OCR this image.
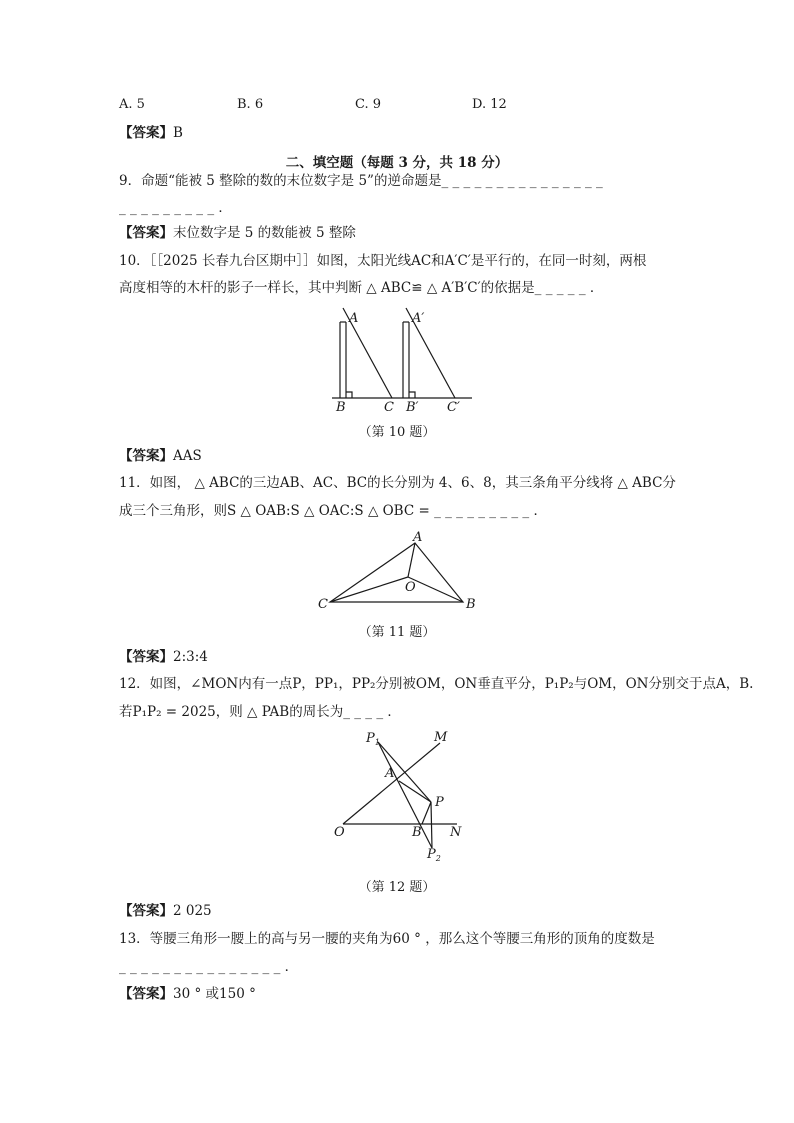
A. 5	B. 6	C. 9	D. 12
【答案】B
二、填空题（每题 3 分，共 18 分）
9．命题“能被 5 整除的数的末位数字是 5”的逆命题是_ _ _ _ _ _ _ _ _ _ _ _ _ _ _
_ _ _ _ _ _ _ _ _ ．
【答案】末位数字是 5 的数能被 5 整除
10．［［2025 长春九台区期中］］如图，太阳光线AC和A′C′是平行的，在同一时刻，两根
高度相等的木杆的影子一样长，其中判断 △ ABC≌ △ A′B′C′的依据是_ _ _ _ _ ．
A
B	C
A′
B′ C′
（第 10 题）
【答案】AAS
11．如图， △ ABC的三边AB、AC、BC的长分别为 4、6、8，其三条角平分线将 △ ABC分
成三个三角形，则S △ OAB:S △ OAC:S △ OBC = _ _ _ _ _ _ _ _ _ ．
A
C	B
O
（第 11 题）
【答案】2:3:4
12．如图，∠MON内有一点P，PP₁，PP₂分别被OM，ON垂直平分，P₁P₂与OM，ON分别交于点A，B.
若P₁P₂ = 2025，则 △ PAB的周长为_ _ _ _ ．
$P_1$	M
A
P
O	B N
$P_2$
（第 12 题）
【答案】2 025
13．等腰三角形一腰上的高与另一腰的夹角为60 ° ，那么这个等腰三角形的顶角的度数是
_ _ _ _ _ _ _ _ _ _ _ _ _ _ _ ．
【答案】30 ° 或150 °
